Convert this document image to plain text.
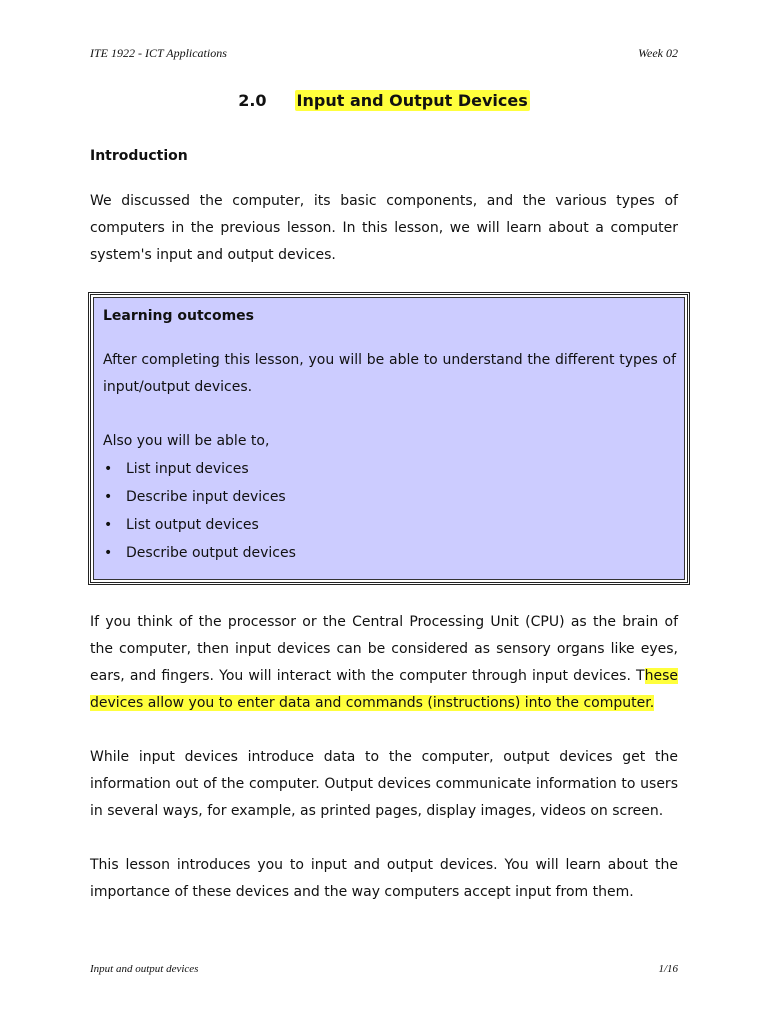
ITE 1922 - ICT Applications	Week 02
2.0 Input and Output Devices
Introduction
We discussed the computer, its basic components, and the various types of computers in the previous lesson. In this lesson, we will learn about a computer system's input and output devices.
Learning outcomes
After completing this lesson, you will be able to understand the different types of input/output devices.
Also you will be able to,
• List input devices
• Describe input devices
• List output devices
• Describe output devices
If you think of the processor or the Central Processing Unit (CPU) as the brain of the computer, then input devices can be considered as sensory organs like eyes, ears, and fingers. You will interact with the computer through input devices. These devices allow you to enter data and commands (instructions) into the computer.
While input devices introduce data to the computer, output devices get the information out of the computer. Output devices communicate information to users in several ways, for example, as printed pages, display images, videos on screen.
This lesson introduces you to input and output devices. You will learn about the importance of these devices and the way computers accept input from them.
Input and output devices	1/16
